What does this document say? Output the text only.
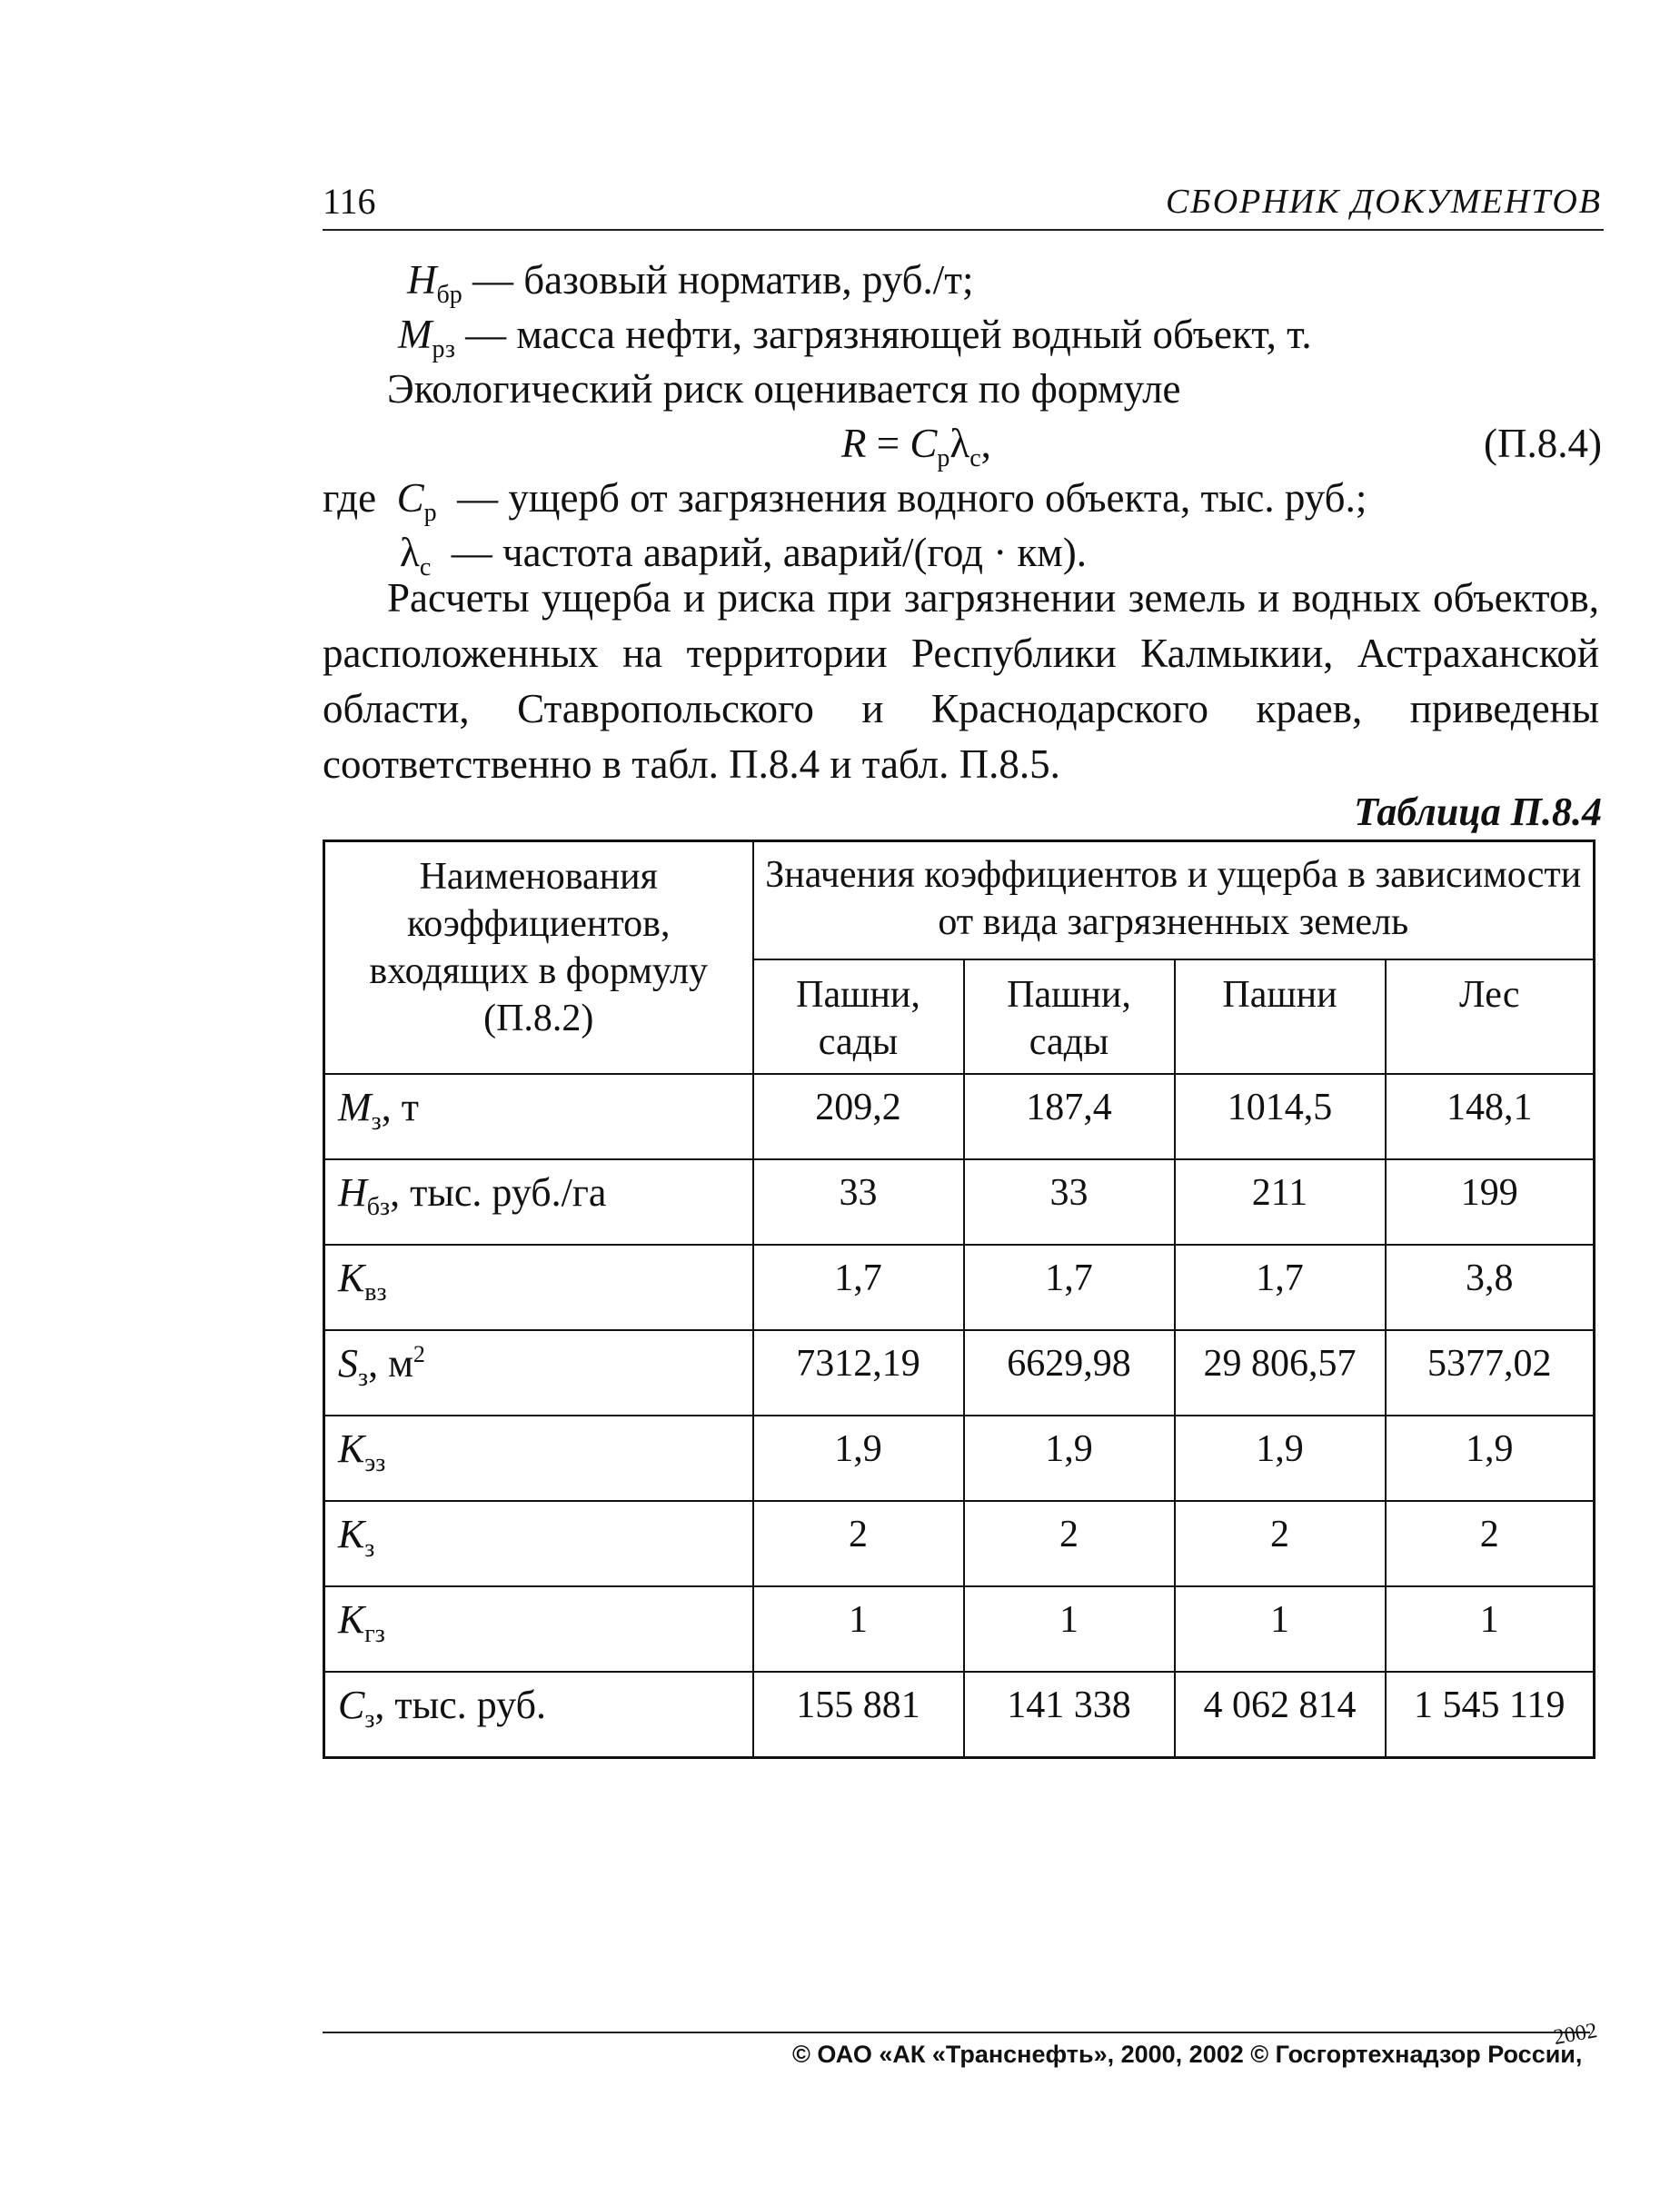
116	СБОРНИК ДОКУМЕНТОВ
$Н_{бр}$ — базовый норматив, руб./т;
$М_{рз}$ — масса нефти, загрязняющей водный объект, т.
Экологический риск оценивается по формуле
$R = С_р\lambda_с$,	(П.8.4)
где $С_р$ — ущерб от загрязнения водного объекта, тыс. руб.;
$\lambda_с$ — частота аварий, аварий/(год · км).
Расчеты ущерба и риска при загрязнении земель и водных объектов, расположенных на территории Республики Калмыкии, Астраханской области, Ставропольского и Краснодарского краев, приведены соответственно в табл. П.8.4 и табл. П.8.5.
Таблица П.8.4
Наименования коэффициентов, входящих в формулу (П.8.2)	Значения коэффициентов и ущерба в зависимости от вида загрязненных земель			
	Пашни, сады	Пашни, сады	Пашни	Лес
$М_з$, т	209,2	187,4	1014,5	148,1
$Н_{бз}$, тыс. руб./га	33	33	211	199
$К_{вз}$	1,7	1,7	1,7	3,8
$S_з$, $м^2$	7312,19	6629,98	29 806,57	5377,02
$К_{эз}$	1,9	1,9	1,9	1,9
$К_з$	2	2	2	2
$К_{гз}$	1	1	1	1
$С_з$, тыс. руб.	155 881	141 338	4 062 814	1 545 119
© ОАО «АК «Транснефть», 2000, 2002 © Госгортехнадзор России,
2002
